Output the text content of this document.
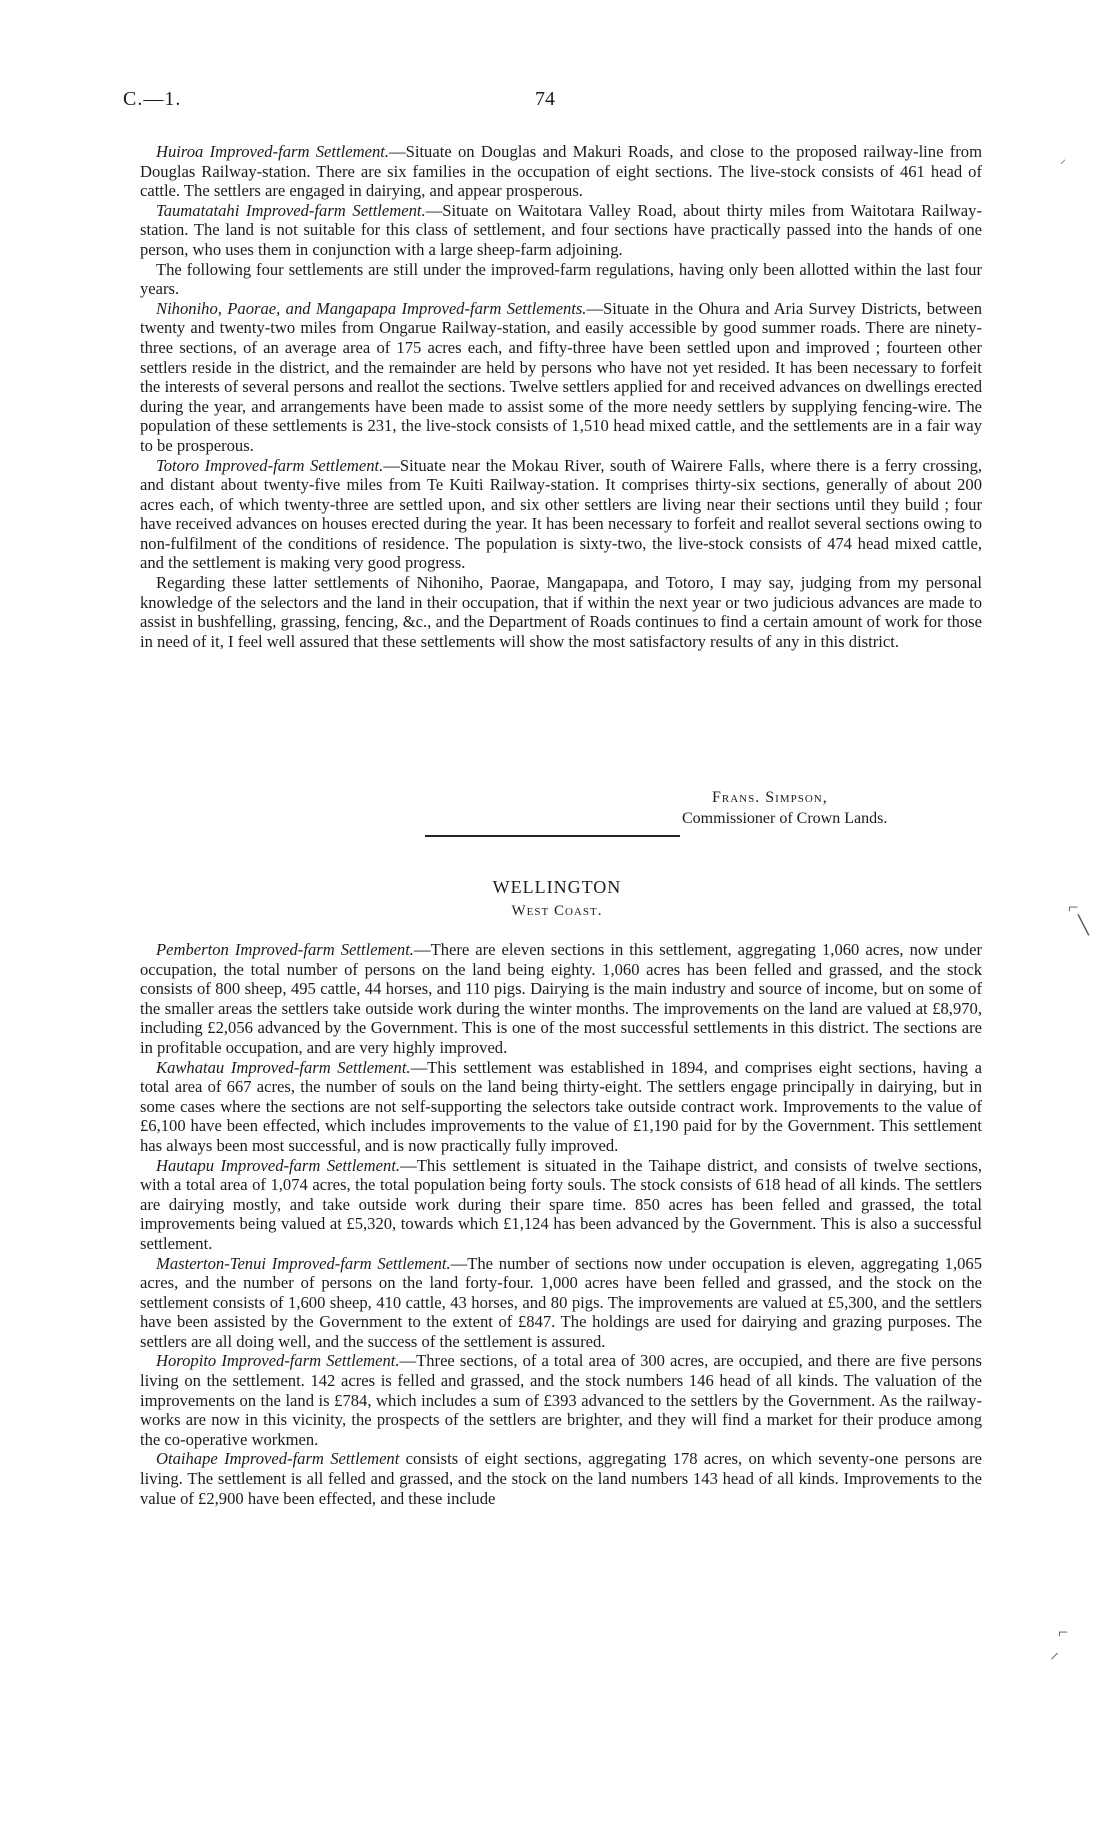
C.—1.	74
⸝

Huiroa Improved-farm Settlement.—Situate on Douglas and Makuri Roads, and close to the proposed railway-line from Douglas Railway-station. There are six families in the occupation of eight sections. The live-stock consists of 461 head of cattle. The settlers are engaged in dairying, and appear prosperous.

Taumatatahi Improved-farm Settlement.—Situate on Waitotara Valley Road, about thirty miles from Waitotara Railway-station. The land is not suitable for this class of settlement, and four sections have practically passed into the hands of one person, who uses them in conjunction with a large sheep-farm adjoining.

The following four settlements are still under the improved-farm regulations, having only been allotted within the last four years.

Nihoniho, Paorae, and Mangapapa Improved-farm Settlements.—Situate in the Ohura and Aria Survey Districts, between twenty and twenty-two miles from Ongarue Railway-station, and easily accessible by good summer roads. There are ninety-three sections, of an average area of 175 acres each, and fifty-three have been settled upon and improved ; fourteen other settlers reside in the district, and the remainder are held by persons who have not yet resided. It has been necessary to forfeit the interests of several persons and reallot the sections. Twelve settlers applied for and received advances on dwellings erected during the year, and arrangements have been made to assist some of the more needy settlers by supplying fencing-wire. The population of these settlements is 231, the live-stock consists of 1,510 head mixed cattle, and the settlements are in a fair way to be prosperous.

Totoro Improved-farm Settlement.—Situate near the Mokau River, south of Wairere Falls, where there is a ferry crossing, and distant about twenty-five miles from Te Kuiti Railway-station. It comprises thirty-six sections, generally of about 200 acres each, of which twenty-three are settled upon, and six other settlers are living near their sections until they build ; four have received advances on houses erected during the year. It has been necessary to forfeit and reallot several sections owing to non-fulfilment of the conditions of residence. The population is sixty-two, the live-stock consists of 474 head mixed cattle, and the settlement is making very good progress.

Regarding these latter settlements of Nihoniho, Paorae, Mangapapa, and Totoro, I may say, judging from my personal knowledge of the selectors and the land in their occupation, that if within the next year or two judicious advances are made to assist in bushfelling, grassing, fencing, &c., and the Department of Roads continues to find a certain amount of work for those in need of it, I feel well assured that these settlements will show the most satisfactory results of any in this district.

Frans. Simpson,
Commissioner of Crown Lands.
WELLINGTON
West Coast.	⌐
╲

Pemberton Improved-farm Settlement.—There are eleven sections in this settlement, aggregating 1,060 acres, now under occupation, the total number of persons on the land being eighty. 1,060 acres has been felled and grassed, and the stock consists of 800 sheep, 495 cattle, 44 horses, and 110 pigs. Dairying is the main industry and source of income, but on some of the smaller areas the settlers take outside work during the winter months. The improvements on the land are valued at £8,970, including £2,056 advanced by the Government. This is one of the most successful settlements in this district. The sections are in profitable occupation, and are very highly improved.

Kawhatau Improved-farm Settlement.—This settlement was established in 1894, and comprises eight sections, having a total area of 667 acres, the number of souls on the land being thirty-eight. The settlers engage principally in dairying, but in some cases where the sections are not self-supporting the selectors take outside contract work. Improvements to the value of £6,100 have been effected, which includes improvements to the value of £1,190 paid for by the Government. This settlement has always been most successful, and is now practically fully improved.

Hautapu Improved-farm Settlement.—This settlement is situated in the Taihape district, and consists of twelve sections, with a total area of 1,074 acres, the total population being forty souls. The stock consists of 618 head of all kinds. The settlers are dairying mostly, and take outside work during their spare time. 850 acres has been felled and grassed, the total improvements being valued at £5,320, towards which £1,124 has been advanced by the Government. This is also a successful settlement.

Masterton-Tenui Improved-farm Settlement.—The number of sections now under occupation is eleven, aggregating 1,065 acres, and the number of persons on the land forty-four. 1,000 acres have been felled and grassed, and the stock on the settlement consists of 1,600 sheep, 410 cattle, 43 horses, and 80 pigs. The improvements are valued at £5,300, and the settlers have been assisted by the Government to the extent of £847. The holdings are used for dairying and grazing purposes. The settlers are all doing well, and the success of the settlement is assured.

Horopito Improved-farm Settlement.—Three sections, of a total area of 300 acres, are occupied, and there are five persons living on the settlement. 142 acres is felled and grassed, and the stock numbers 146 head of all kinds. The valuation of the improvements on the land is £784, which includes a sum of £393 advanced to the settlers by the Government. As the railway-works are now in this vicinity, the prospects of the settlers are brighter, and they will find a market for their produce among the co-operative workmen.

Otaihape Improved-farm Settlement consists of eight sections, aggregating 178 acres, on which seventy-one persons are living. The settlement is all felled and grassed, and the stock on the land numbers 143 head of all kinds. Improvements to the value of £2,900 have been effected, and these include

⌐
⸝
